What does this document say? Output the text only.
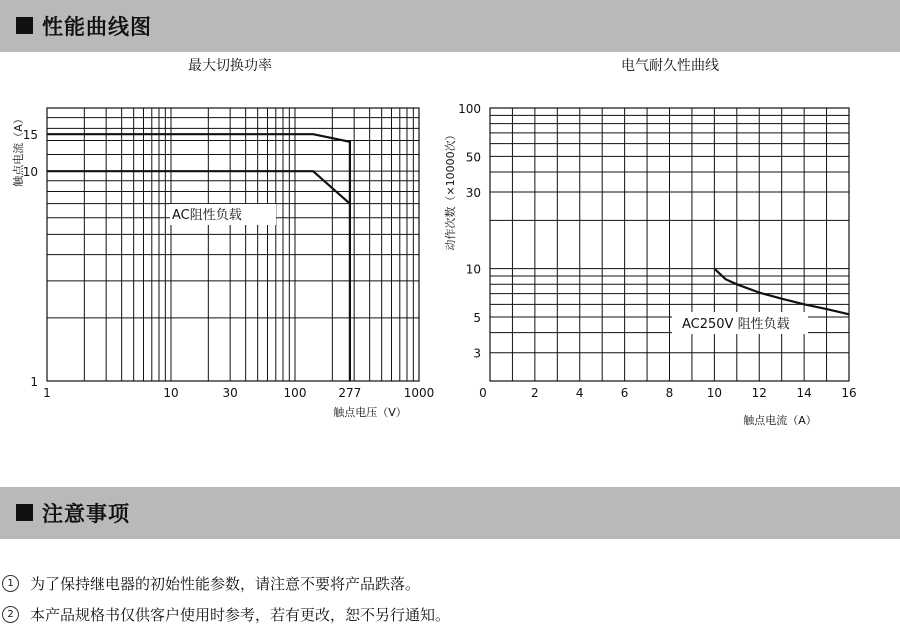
性能曲线图
最大切换功率
AC阻性负载
1	10	30	100	277	1000
1
10
15
触点电压（V）
触点电流（A）
电气耐久性曲线
AC250V 阻性负载
0	2	4	6	8	10 12 14 16
3
5
10
30
50
100
触点电流（A）
动作次数（×10000次）
注意事项
1	为了保持继电器的初始性能参数，请注意不要将产品跌落。
2	本产品规格书仅供客户使用时参考，若有更改，恕不另行通知。
